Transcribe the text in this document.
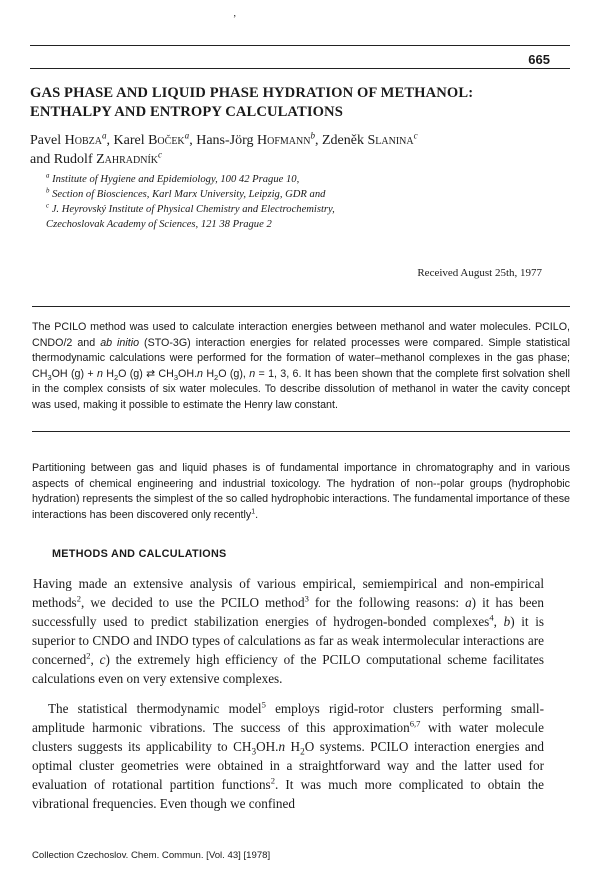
’
665
GAS PHASE AND LIQUID PHASE HYDRATION OF METHANOL:
ENTHALPY AND ENTROPY CALCULATIONS
Pavel Hobza$^a$, Karel Boček$^a$, Hans-Jörg Hofmann$^b$, Zdeněk Slanina$^c$
and Rudolf Zahradník$^c$
$^a$ Institute of Hygiene and Epidemiology, 100 42 Prague 10,
$^b$ Section of Biosciences, Karl Marx University, Leipzig, GDR and
$^c$ J. Heyrovský Institute of Physical Chemistry and Electrochemistry,
Czechoslovak Academy of Sciences, 121 38 Prague 2
Received August 25th, 1977
The PCILO method was used to calculate interaction energies between methanol and water molecules. PCILO, CNDO/2 and ab initio (STO-3G) interaction energies for related processes were compared. Simple statistical thermodynamic calculations were performed for the formation of water–methanol complexes in the gas phase; $CH_3OH$ (g) + n $H_2O$ (g) ⇄ $CH_3OH.n$ $H_2O$ (g), n = 1, 3, 6. It has been shown that the complete first solvation shell in the complex consists of six water molecules. To describe dissolution of methanol in water the cavity concept was used, making it possible to estimate the Henry law constant.
Partitioning between gas and liquid phases is of fundamental importance in chromatography and in various aspects of chemical engineering and industrial toxicology. The hydration of non--polar groups (hydrophobic hydration) represents the simplest of the so called hydrophobic interactions. The fundamental importance of these interactions has been discovered only recently$^1$.
METHODS AND CALCULATIONS
Having made an extensive analysis of various empirical, semiempirical and non-empirical methods$^2$, we decided to use the PCILO method$^3$ for the following reasons: a) it has been successfully used to predict stabilization energies of hydrogen-bonded complexes$^4$, b) it is superior to CNDO and INDO types of calculations as far as weak intermolecular interactions are concerned$^2$, c) the extremely high efficiency of the PCILO computational scheme facilitates calculations even on very extensive complexes.
The statistical thermodynamic model$^5$ employs rigid-rotor clusters performing small-amplitude harmonic vibrations. The success of this approximation$^{6,7}$ with water molecule clusters suggests its applicability to $CH_3OH.n$ $H_2O$ systems. PCILO interaction energies and optimal cluster geometries were obtained in a straightforward way and the latter used for evaluation of rotational partition functions$^2$. It was much more complicated to obtain the vibrational frequencies. Even though we confined
Collection Czechoslov. Chem. Commun. [Vol. 43] [1978]
